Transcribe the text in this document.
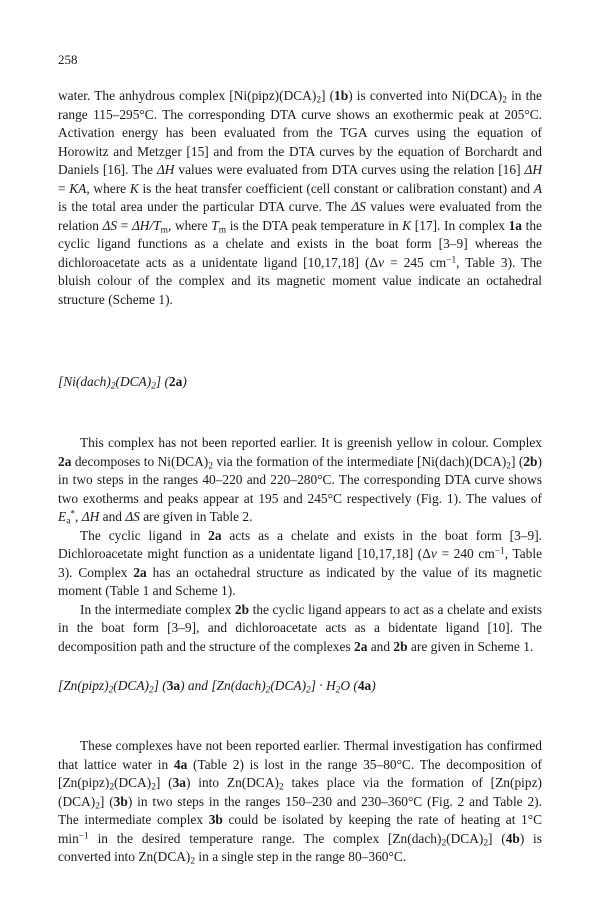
258

water. The anhydrous complex $[Ni(pipz)(DCA)_2]$ (1b) is converted into $Ni(DCA)_2$ in the range 115–295°C. The corresponding DTA curve shows an exothermic peak at 205°C. Activation energy has been evaluated from the TGA curves using the equation of Horowitz and Metzger [15] and from the DTA curves by the equation of Borchardt and Daniels [16]. The ΔH values were evaluated from DTA curves using the relation [16] ΔH = KA, where K is the heat transfer coefficient (cell constant or calibration constant) and A is the total area under the particular DTA curve. The ΔS values were evaluated from the relation $\Delta S = \Delta H/T_m$, where $T_m$ is the DTA peak temperature in K [17]. In complex 1a the cyclic ligand functions as a chelate and exists in the boat form [3–9] whereas the dichloroacetate acts as a unidentate ligand [10,17,18] (Δν = 245 $cm^{-1}$, Table 3). The bluish colour of the complex and its magnetic moment value indicate an octahedral structure (Scheme 1).

$[Ni(dach)_2(DCA)_2]$ (2a)

This complex has not been reported earlier. It is greenish yellow in colour. Complex 2a decomposes to $Ni(DCA)_2$ via the formation of the intermediate $[Ni(dach)(DCA)_2]$ (2b) in two steps in the ranges 40–220 and 220–280°C. The corresponding DTA curve shows two exotherms and peaks appear at 195 and 245°C respectively (Fig. 1). The values of $E_a^*$, ΔH and ΔS are given in Table 2.

The cyclic ligand in 2a acts as a chelate and exists in the boat form [3–9]. Dichloroacetate might function as a unidentate ligand [10,17,18] (Δν = 240 $cm^{-1}$, Table 3). Complex 2a has an octahedral structure as indicated by the value of its magnetic moment (Table 1 and Scheme 1).

In the intermediate complex 2b the cyclic ligand appears to act as a chelate and exists in the boat form [3–9], and dichloroacetate acts as a bidentate ligand [10]. The decomposition path and the structure of the complexes 2a and 2b are given in Scheme 1.

$[Zn(pipz)_2(DCA)_2]$ (3a) and $[Zn(dach)_2(DCA)_2] \cdot H_2O$ (4a)

These complexes have not been reported earlier. Thermal investigation has confirmed that lattice water in 4a (Table 2) is lost in the range 35–80°C. The decomposition of $[Zn(pipz)_2(DCA)_2]$ (3a) into $Zn(DCA)_2$ takes place via the formation of $[Zn(pipz)(DCA)_2]$ (3b) in two steps in the ranges 150–230 and 230–360°C (Fig. 2 and Table 2). The intermediate complex 3b could be isolated by keeping the rate of heating at 1°C $\min^{-1}$ in the desired temperature range. The complex $[Zn(dach)_2(DCA)_2]$ (4b) is converted into $Zn(DCA)_2$ in a single step in the range 80–360°C.
